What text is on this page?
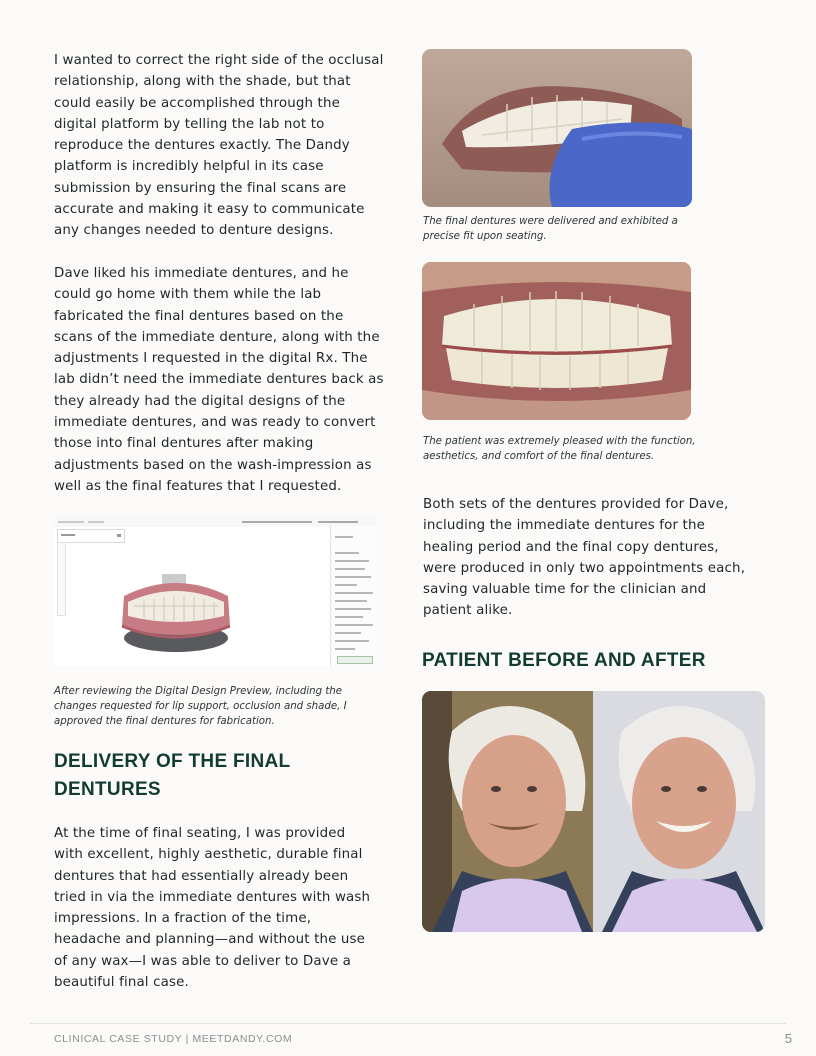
I wanted to correct the right side of the occlusal relationship, along with the shade, but that could easily be accomplished through the digital platform by telling the lab not to reproduce the dentures exactly. The Dandy platform is incredibly helpful in its case submission by ensuring the final scans are accurate and making it easy to communicate any changes needed to denture designs.

Dave liked his immediate dentures, and he could go home with them while the lab fabricated the final dentures based on the scans of the immediate denture, along with the adjustments I requested in the digital Rx. The lab didn’t need the immediate dentures back as they already had the digital designs of the immediate dentures, and was ready to convert those into final dentures after making adjustments based on the wash-impression as well as the final features that I requested.

After reviewing the Digital Design Preview, including the changes requested for lip support, occlusion and shade, I approved the final dentures for fabrication.

DELIVERY OF THE FINAL DENTURES

At the time of final seating, I was provided with excellent, highly aesthetic, durable final dentures that had essentially already been tried in via the immediate dentures with wash impressions. In a fraction of the time, headache and planning—and without the use of any wax—I was able to deliver to Dave a beautiful final case.

The final dentures were delivered and exhibited a precise fit upon seating.

The patient was extremely pleased with the function, aesthetics, and comfort of the final dentures.

Both sets of the dentures provided for Dave, including the immediate dentures for the healing period and the final copy dentures, were produced in only two appointments each, saving valuable time for the clinician and patient alike.

PATIENT BEFORE AND AFTER
CLINICAL CASE STUDY | MEETDANDY.COM	5
